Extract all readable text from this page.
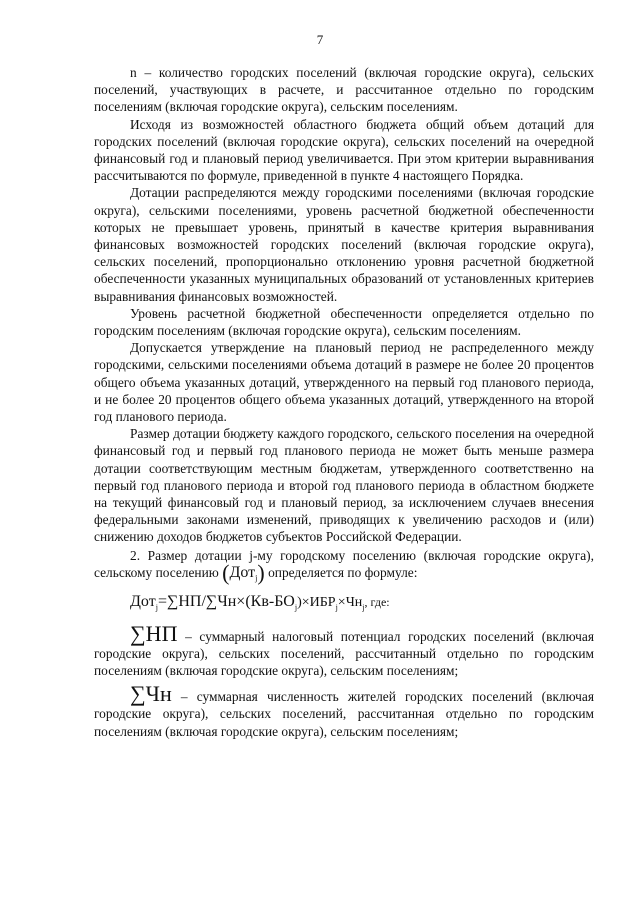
7

n – количество городских поселений (включая городские округа), сельских поселений, участвующих в расчете, и рассчитанное отдельно по городским поселениям (включая городские округа), сельским поселениям.

Исходя из возможностей областного бюджета общий объем дотаций для городских поселений (включая городские округа), сельских поселений на очередной финансовый год и плановый период увеличивается. При этом критерии выравнивания рассчитываются по формуле, приведенной в пункте 4 настоящего Порядка.

Дотации распределяются между городскими поселениями (включая городские округа), сельскими поселениями, уровень расчетной бюджетной обеспеченности которых не превышает уровень, принятый в качестве критерия выравнивания финансовых возможностей городских поселений (включая городские округа), сельских поселений, пропорционально отклонению уровня расчетной бюджетной обеспеченности указанных муниципальных образований от установленных критериев выравнивания финансовых возможностей.

Уровень расчетной бюджетной обеспеченности определяется отдельно по городским поселениям (включая городские округа), сельским поселениям.

Допускается утверждение на плановый период не распределенного между городскими, сельскими поселениями объема дотаций в размере не более 20 процентов общего объема указанных дотаций, утвержденного на первый год планового периода, и не более 20 процентов общего объема указанных дотаций, утвержденного на второй год планового периода.

Размер дотации бюджету каждого городского, сельского поселения на очередной финансовый год и первый год планового периода не может быть меньше размера дотации соответствующим местным бюджетам, утвержденного соответственно на первый год планового периода и второй год планового периода в областном бюджете на текущий финансовый год и плановый период, за исключением случаев внесения федеральными законами изменений, приводящих к увеличению расходов и (или) снижению доходов бюджетов субъектов Российской Федерации.

2. Размер дотации j-му городскому поселению (включая городские округа), сельскому поселению (Дот$_j$) определяется по формуле:

$Дот_j=\sum НП/\sum Чн\times(Кв-БО_j)\times ИБР_j\times Чн_j$, где:

∑НП – суммарный налоговый потенциал городских поселений (включая городские округа), сельских поселений, рассчитанный отдельно по городским поселениям (включая городские округа), сельским поселениям;

∑Чн – суммарная численность жителей городских поселений (включая городские округа), сельских поселений, рассчитанная отдельно по городским поселениям (включая городские округа), сельским поселениям;
